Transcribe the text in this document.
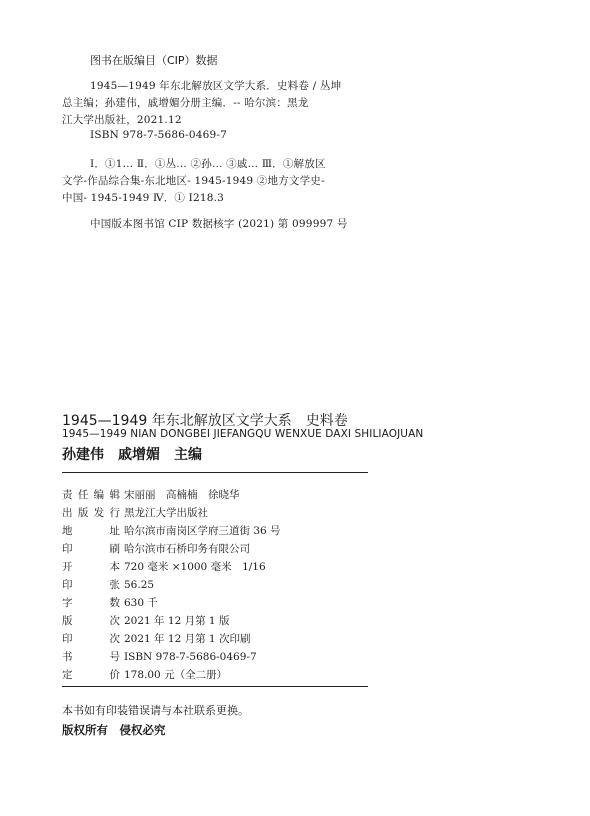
图书在版编目（CIP）数据
1945—1949 年东北解放区文学大系．史料卷 / 丛坤
总主编；孙建伟，戚增媚分册主编．-- 哈尔滨：黑龙
江大学出版社，2021.12
ISBN 978-7-5686-0469-7
Ⅰ．①1… Ⅱ．①丛… ②孙… ③戚… Ⅲ．①解放区
文学-作品综合集-东北地区- 1945-1949 ②地方文学史-
中国- 1945-1949 Ⅳ．① I218.3
中国版本图书馆 CIP 数据核字 (2021) 第 099997 号
1945—1949 年东北解放区文学大系　史料卷
1945—1949 NIAN DONGBEI JIEFANGQU WENXUE DAXI SHILIAOJUAN
孙建伟　戚增媚　主编
责任编辑 宋丽丽　高楠楠　徐晓华
出版发行 黑龙江大学出版社
地址 哈尔滨市南岗区学府三道街 36 号
印刷 哈尔滨市石桥印务有限公司
开本 720 毫米 ×1000 毫米　1/16
印张 56.25
字数 630 千
版次 2021 年 12 月第 1 版
印次 2021 年 12 月第 1 次印刷
书号 ISBN 978-7-5686-0469-7
定价 178.00 元（全二册）
本书如有印装错误请与本社联系更换。
版权所有　侵权必究
